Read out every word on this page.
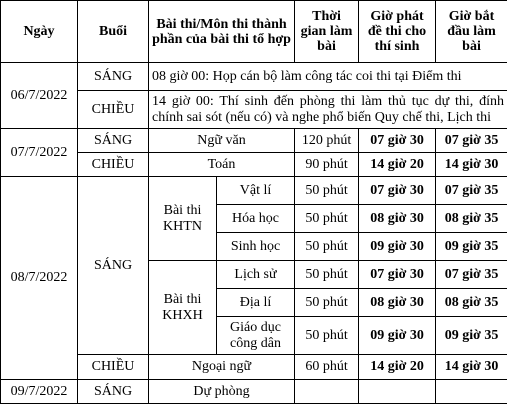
Ngày	Buổi	Bài thi/Môn thi thành phần của bài thi tổ hợp		Thời gian làm bài	Giờ phát đề thi cho thí sinh	Giờ bắt đầu làm bài
06/7/2022	SÁNG	08 giờ 00: Họp cán bộ làm công tác coi thi tại Điểm thi				
	CHIỀU	14 giờ 00: Thí sinh đến phòng thi làm thủ tục dự thi, đính chính sai sót (nếu có) và nghe phổ biến Quy chế thi, Lịch thi				
07/7/2022	SÁNG	Ngữ văn		120 phút	07 giờ 30	07 giờ 35
	CHIỀU	Toán		90 phút	14 giờ 20	14 giờ 30
08/7/2022	SÁNG	Bài thi KHTN	Vật lí	50 phút	07 giờ 30	07 giờ 35
			Hóa học	50 phút	08 giờ 30	08 giờ 35
			Sinh học	50 phút	09 giờ 30	09 giờ 35
		Bài thi KHXH	Lịch sử	50 phút	07 giờ 30	07 giờ 35
			Địa lí	50 phút	08 giờ 30	08 giờ 35
			Giáo dục công dân	50 phút	09 giờ 30	09 giờ 35
	CHIỀU	Ngoại ngữ		60 phút	14 giờ 20	14 giờ 30
09/7/2022	SÁNG	Dự phòng				
